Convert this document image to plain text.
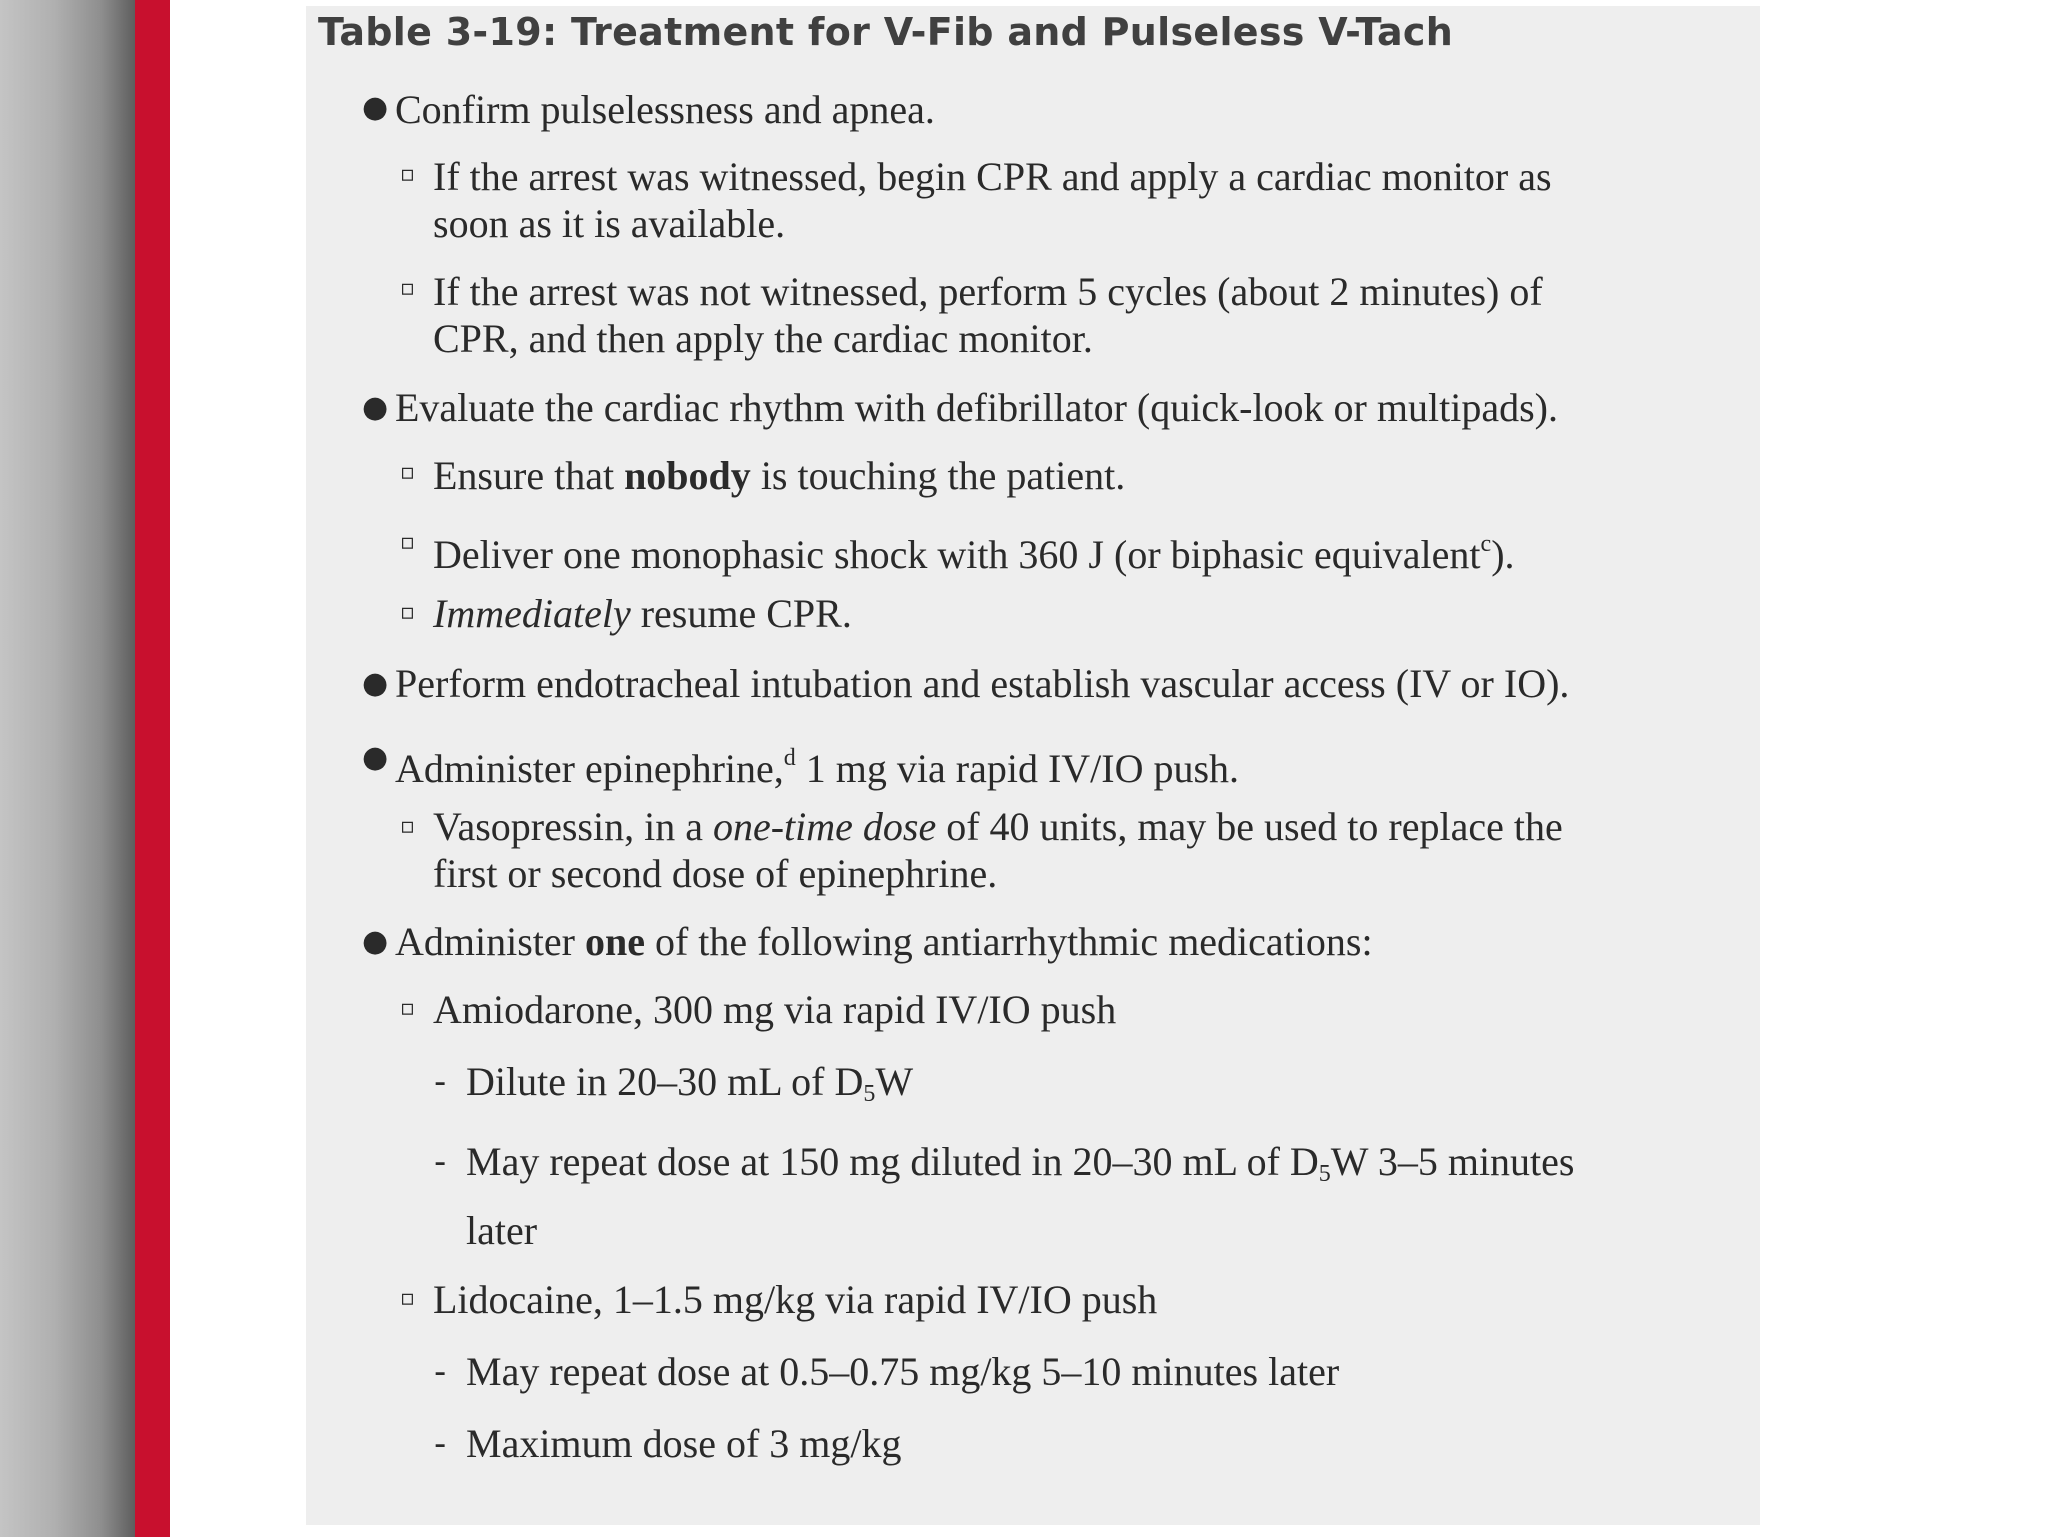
Table 3-19: Treatment for V-Fib and Pulseless V-Tach
● Confirm pulselessness and apnea.

▫ If the arrest was witnessed, begin CPR and apply a cardiac monitor as

soon as it is available.

▫ If the arrest was not witnessed, perform 5 cycles (about 2 minutes) of

CPR, and then apply the cardiac monitor.

● Evaluate the cardiac rhythm with defibrillator (quick-look or multipads).

▫ Ensure that nobody is touching the patient.

▫ Deliver one monophasic shock with 360 J (or biphasic equivalent$^c$).

▫ Immediately resume CPR.

● Perform endotracheal intubation and establish vascular access (IV or IO).

● Administer epinephrine,$^d$ 1 mg via rapid IV/IO push.

▫ Vasopressin, in a one-time dose of 40 units, may be used to replace the

first or second dose of epinephrine.

● Administer one of the following antiarrhythmic medications:

▫ Amiodarone, 300 mg via rapid IV/IO push

- Dilute in 20–30 mL of $D_5W$

- May repeat dose at 150 mg diluted in 20–30 mL of $D_5W$ 3–5 minutes

later

▫ Lidocaine, 1–1.5 mg/kg via rapid IV/IO push

- May repeat dose at 0.5–0.75 mg/kg 5–10 minutes later

- Maximum dose of 3 mg/kg
